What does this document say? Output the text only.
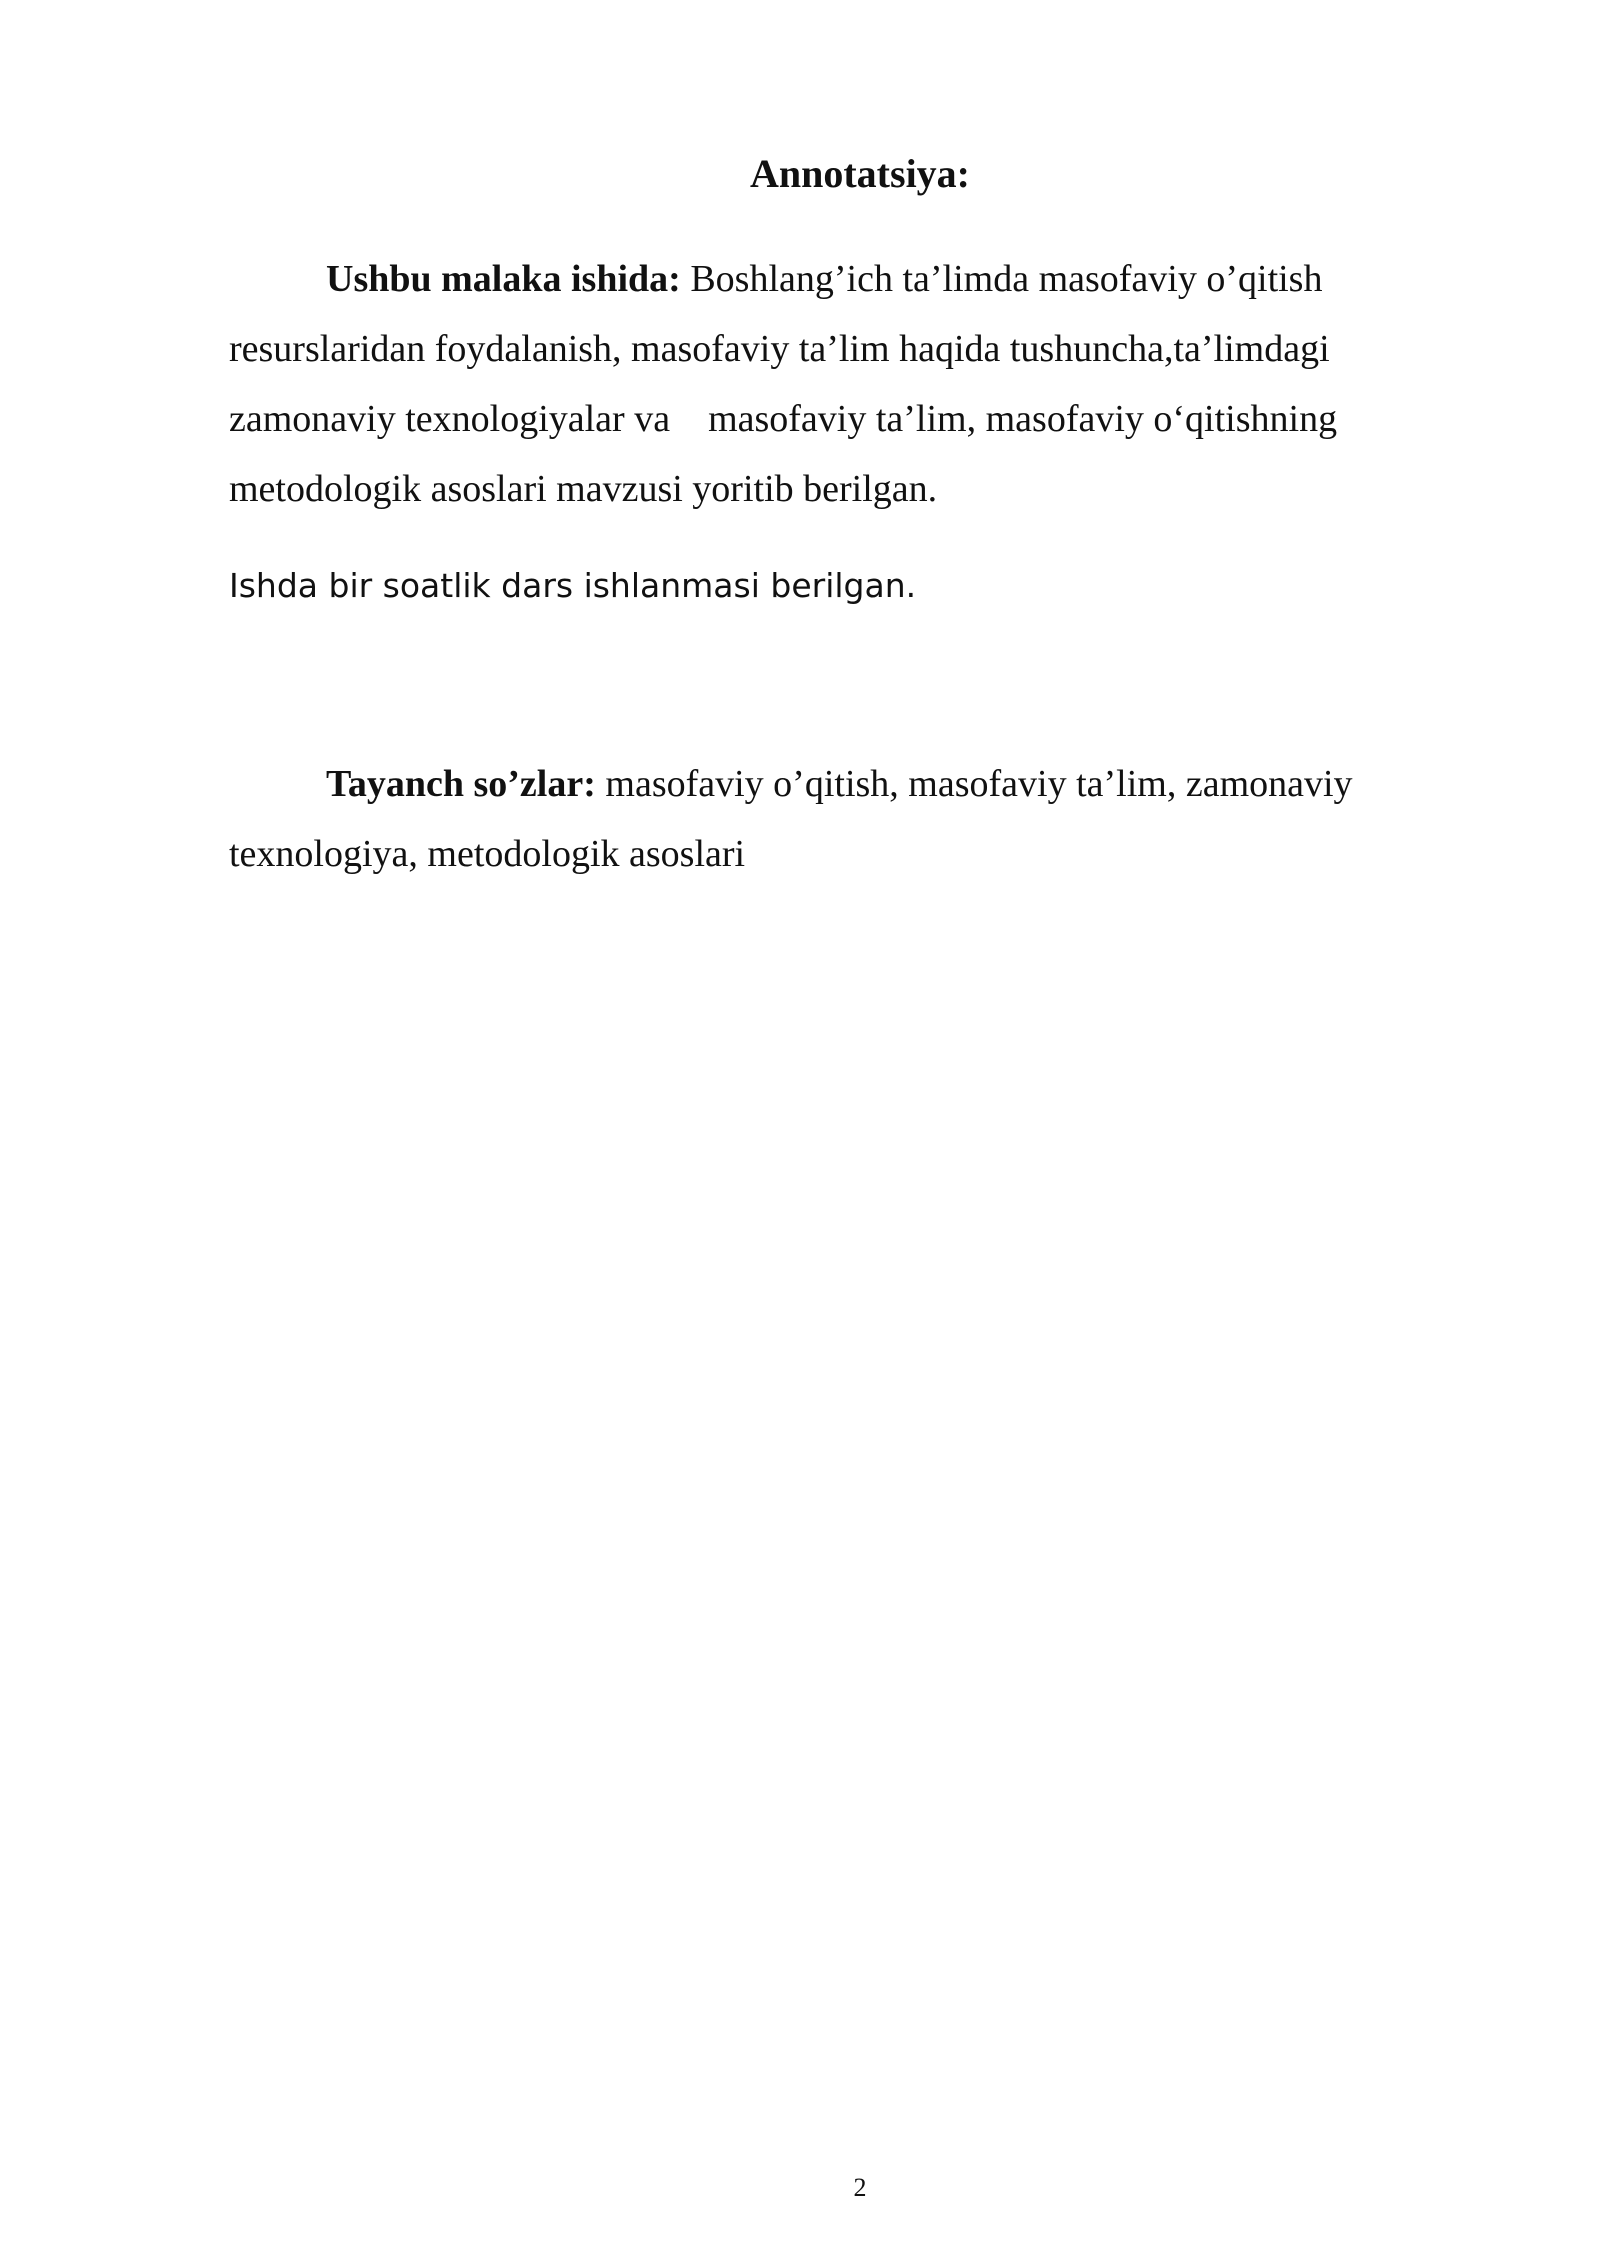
Annotatsiya:
Ushbu malaka ishida: Boshlang’ich ta’limda masofaviy o’qitish
resurslaridan foydalanish, masofaviy ta’lim haqida tushuncha,ta’limdagi
zamonaviy texnologiyalar va    masofaviy ta’lim, masofaviy oʻqitishning
metodologik asoslari mavzusi yoritib berilgan.
Ishda bir soatlik dars ishlanmasi berilgan.
Tayanch so’zlar: masofaviy o’qitish, masofaviy ta’lim, zamonaviy
texnologiya, metodologik asoslari
2
